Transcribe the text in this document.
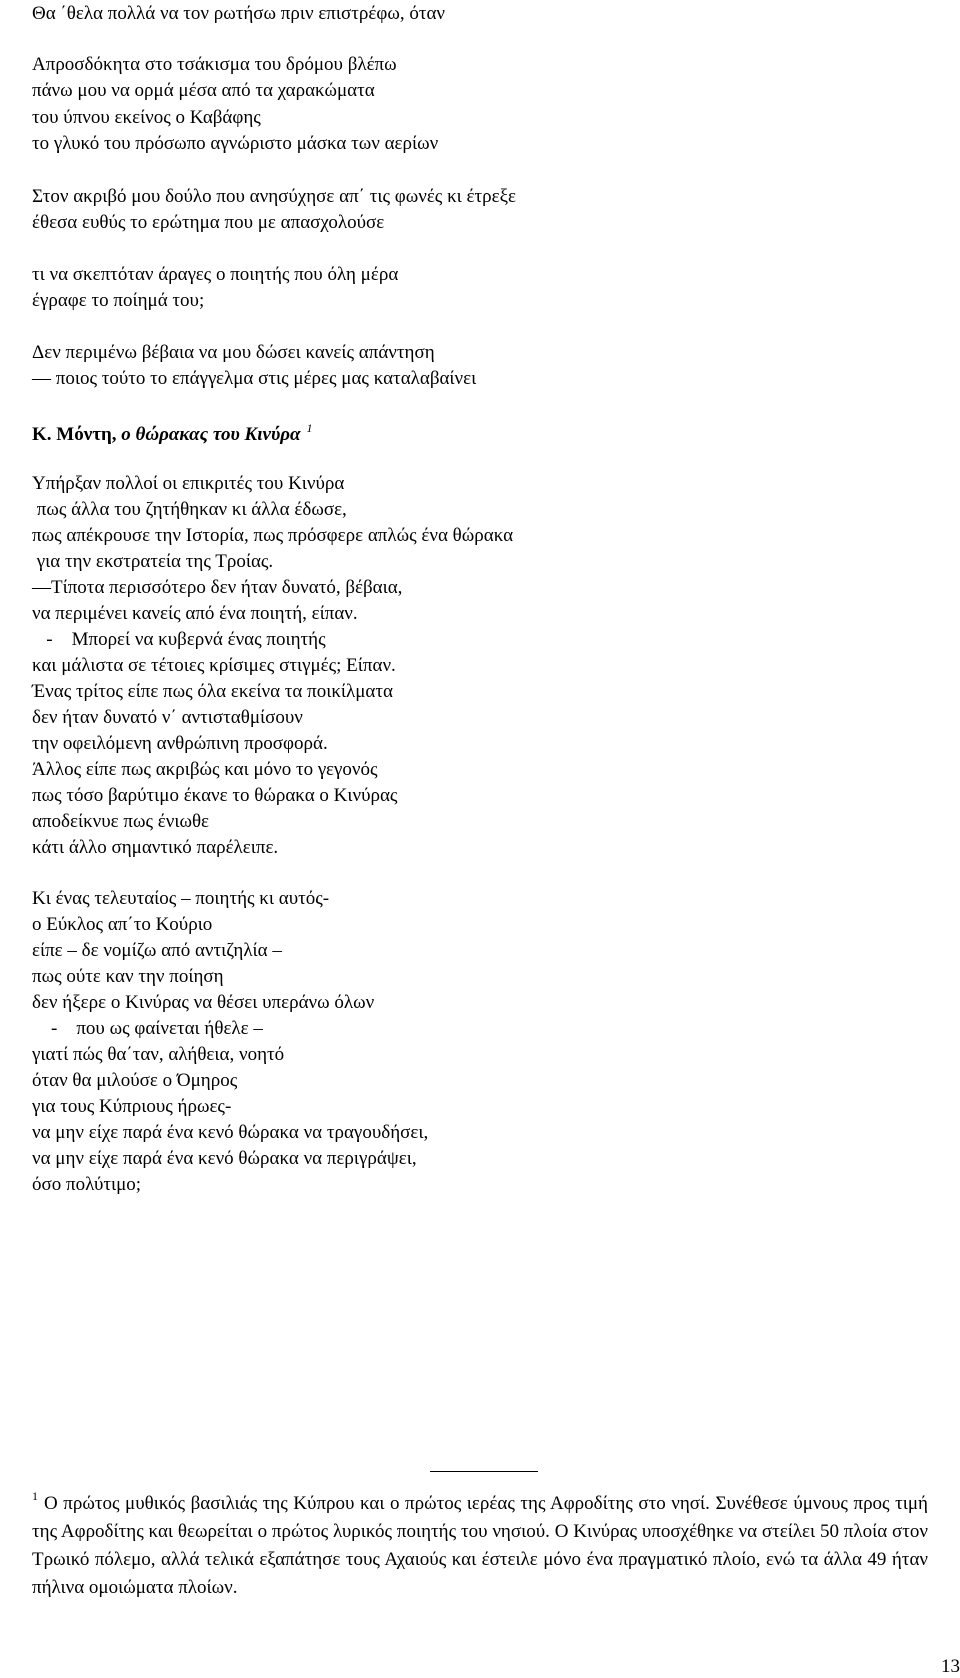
Θα ΄θελα πολλά να τον ρωτήσω πριν επιστρέφω, όταν
Απροσδόκητα στο τσάκισμα του δρόμου βλέπω
πάνω μου να ορμά μέσα από τα χαρακώματα
του ύπνου εκείνος ο Καβάφης
το γλυκό του πρόσωπο αγνώριστο μάσκα των αερίων
Στον ακριβό μου δούλο που ανησύχησε απ΄ τις φωνές κι έτρεξε
έθεσα ευθύς το ερώτημα που με απασχολούσε
τι να σκεπτόταν άραγες ο ποιητής που όλη μέρα
έγραφε το ποίημά του;
Δεν περιμένω βέβαια να μου δώσει κανείς απάντηση
— ποιος τούτο το επάγγελμα στις μέρες μας καταλαβαίνει
Κ. Μόντη, ο θώρακας του Κινύρα $^1$
Υπήρξαν πολλοί οι επικριτές του Κινύρα
πως άλλα του ζητήθηκαν κι άλλα έδωσε,
πως απέκρουσε την Ιστορία, πως πρόσφερε απλώς ένα θώρακα
για την εκστρατεία της Τροίας.
—Τίποτα περισσότερο δεν ήταν δυνατό, βέβαια,
να περιμένει κανείς από ένα ποιητή, είπαν.
-    Μπορεί να κυβερνά ένας ποιητής
και μάλιστα σε τέτοιες κρίσιμες στιγμές; Είπαν.
Ένας τρίτος είπε πως όλα εκείνα τα ποικίλματα
δεν ήταν δυνατό ν΄ αντισταθμίσουν
την οφειλόμενη ανθρώπινη προσφορά.
Άλλος είπε πως ακριβώς και μόνο το γεγονός
πως τόσο βαρύτιμο έκανε το θώρακα ο Κινύρας
αποδείκνυε πως ένιωθε
κάτι άλλο σημαντικό παρέλειπε.
Κι ένας τελευταίος – ποιητής κι αυτός-
ο Εύκλος απ΄το Κούριο
είπε – δε νομίζω από αντιζηλία –
πως ούτε καν την ποίηση
δεν ήξερε ο Κινύρας να θέσει υπεράνω όλων
-    που ως φαίνεται ήθελε –
γιατί πώς θα΄ταν, αλήθεια, νοητό
όταν θα μιλούσε ο Όμηρος
για τους Κύπριους ήρωες-
να μην είχε παρά ένα κενό θώρακα να τραγουδήσει,
να μην είχε παρά ένα κενό θώρακα να περιγράψει,
όσο πολύτιμο;
$^1$ Ο πρώτος μυθικός βασιλιάς της Κύπρου και ο πρώτος ιερέας της Αφροδίτης στο νησί. Συνέθεσε ύμνους προς τιμή της Αφροδίτης και θεωρείται ο πρώτος λυρικός ποιητής του νησιού. Ο Κινύρας υποσχέθηκε να στείλει 50 πλοία στον Τρωικό πόλεμο, αλλά τελικά εξαπάτησε τους Αχαιούς και έστειλε μόνο ένα πραγματικό πλοίο, ενώ τα άλλα 49 ήταν πήλινα ομοιώματα πλοίων.
13
